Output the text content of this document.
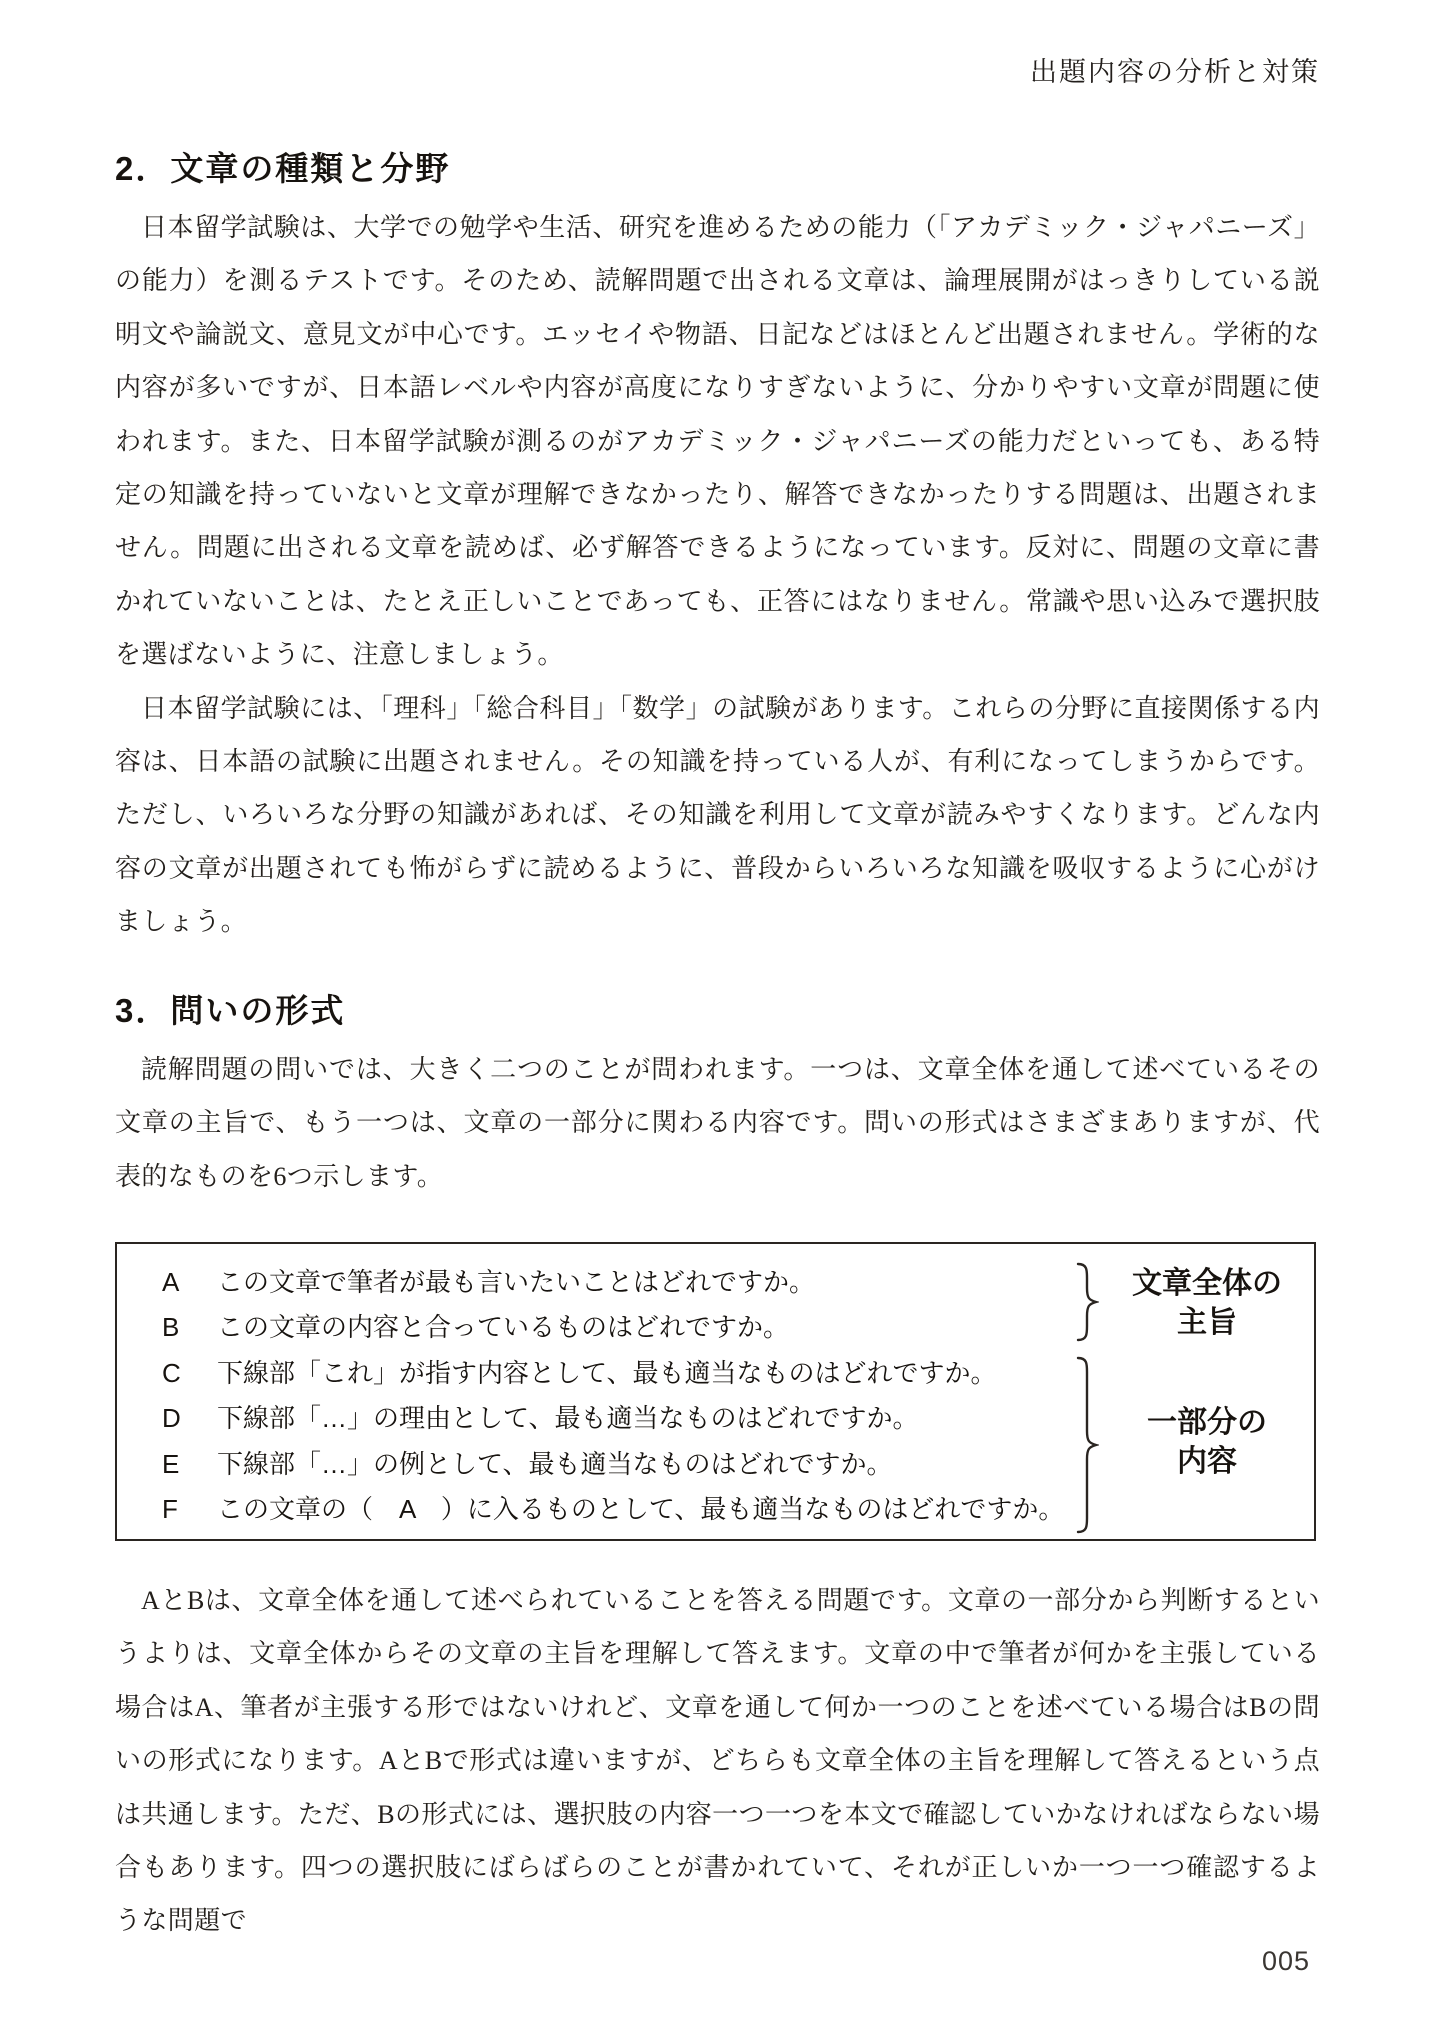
出題内容の分析と対策
2．文章の種類と分野

日本留学試験は、大学での勉学や生活、研究を進めるための能力（「アカデミック・ジャパニーズ」の能力）を測るテストです。そのため、読解問題で出される文章は、論理展開がはっきりしている説明文や論説文、意見文が中心です。エッセイや物語、日記などはほとんど出題されません。学術的な内容が多いですが、日本語レベルや内容が高度になりすぎないように、分かりやすい文章が問題に使われます。また、日本留学試験が測るのがアカデミック・ジャパニーズの能力だといっても、ある特定の知識を持っていないと文章が理解できなかったり、解答できなかったりする問題は、出題されません。問題に出される文章を読めば、必ず解答できるようになっています。反対に、問題の文章に書かれていないことは、たとえ正しいことであっても、正答にはなりません。常識や思い込みで選択肢を選ばないように、注意しましょう。

日本留学試験には、「理科」「総合科目」「数学」の試験があります。これらの分野に直接関係する内容は、日本語の試験に出題されません。その知識を持っている人が、有利になってしまうからです。ただし、いろいろな分野の知識があれば、その知識を利用して文章が読みやすくなります。どんな内容の文章が出題されても怖がらずに読めるように、普段からいろいろな知識を吸収するように心がけましょう。

3．問いの形式

読解問題の問いでは、大きく二つのことが問われます。一つは、文章全体を通して述べているその文章の主旨で、もう一つは、文章の一部分に関わる内容です。問いの形式はさまざまありますが、代表的なものを6つ示します。

A この文章で筆者が最も言いたいことはどれですか。
B この文章の内容と合っているものはどれですか。
C 下線部「これ」が指す内容として、最も適当なものはどれですか。
D 下線部「…」の理由として、最も適当なものはどれですか。
E 下線部「…」の例として、最も適当なものはどれですか。
F この文章の（　A　）に入るものとして、最も適当なものはどれですか。
文章全体の
主旨
一部分の
内容

AとBは、文章全体を通して述べられていることを答える問題です。文章の一部分から判断するというよりは、文章全体からその文章の主旨を理解して答えます。文章の中で筆者が何かを主張している場合はA、筆者が主張する形ではないけれど、文章を通して何か一つのことを述べている場合はBの問いの形式になります。AとBで形式は違いますが、どちらも文章全体の主旨を理解して答えるという点は共通します。ただ、Bの形式には、選択肢の内容一つ一つを本文で確認していかなければならない場合もあります。四つの選択肢にばらばらのことが書かれていて、それが正しいか一つ一つ確認するような問題で

005
